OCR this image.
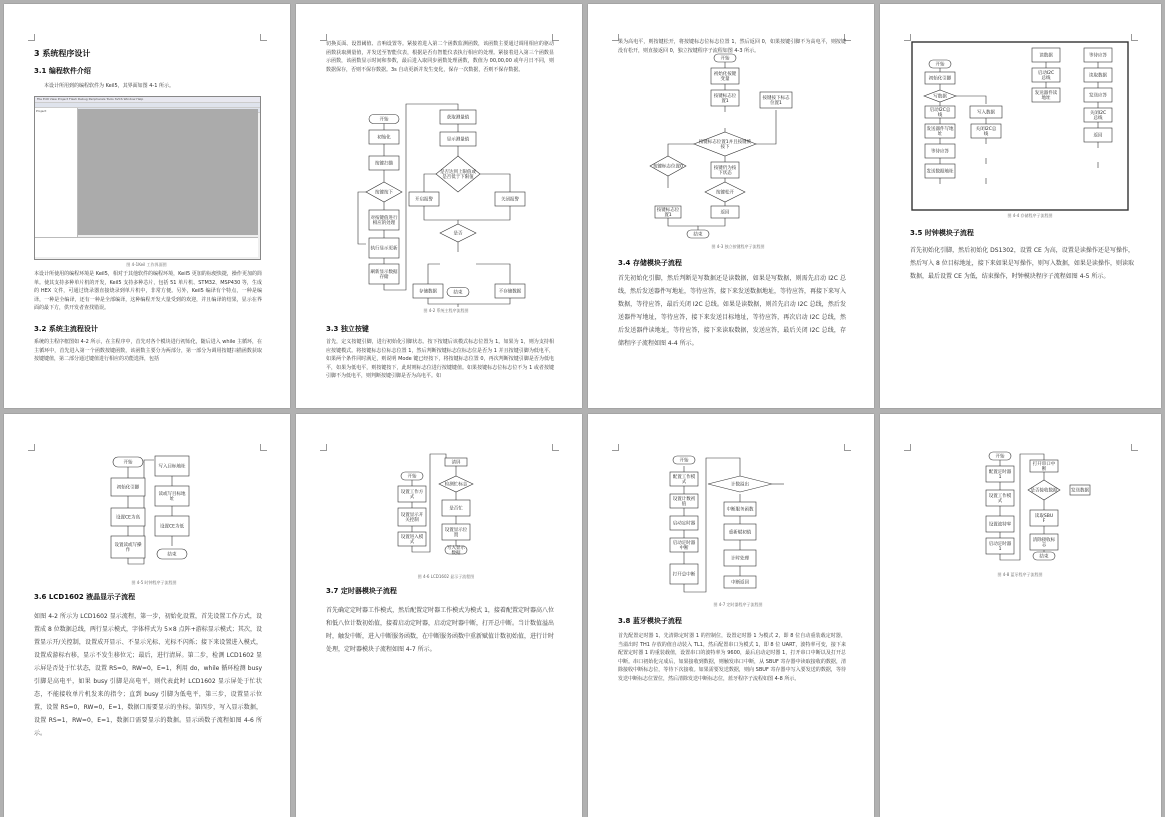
3 系统程序设计
3.1 编程软件介绍
本设计所用到的编程软件为 Keil5，其界面如图 4-1 所示。
File Edit View Project Flash Debug Peripherals Tools SVCS Window Help
Project
图 4-1Keil 工作界面图
本设计所使用的编程环境是 Keil5，相对于其他软件的编程环境，Keil5 更加的标便快捷，操作更加的简单。使其支持多种单片机的开发，Keil5 支持多种芯片，包括 51 单片机、STM32、MSP430 等，生成的 HEX 文件，可通过烧录器直接烧录到单片机中，非常方便。另外，Keil5 编译有个特点，一种是编译，一种是全编译，还有一种是全部编译，这种编程开发大量受到的欢迎，并且编译的结果，显示在界面的最下方，供开发者查找错误。
3.2 系统主流程设计
系统的主程序框图如 4-2 所示，在主程序中，首先对各个模块进行初始化，随后进入 while 主循环，在主循环中，首先进入第一个函数按键函数，该函数主要分为两部分，第一部分为调用按键扫描函数获取按键键值，第二部分通过键值进行相应的功能选择，包括
切换页面、设置阈值、音响设置等。紧接着进入第二个函数监测函数，该函数主要通过调用相应的驱动函数获取测量值，并发送至智能仪表，根据是否有智能仪表执行相应的处理。紧接着进入第三个函数显示函数，该函数显示时间和参数，最后进入取同步函数处理函数，数值为 00,00,00 或年月日不同，则数据保存，否则不保存数据。3s 自动更新并发生变化，保存一次数据，否则不保存数据。
开始
初始化
按键扫描
按键按下
对按键值进行
相应的处理
执行显示更新
刷新显示数据
存储
获取测量值
显示测量值
是否达到上限值或
是否低于下限值
开启报警	关闭报警
是否
存储数据	不存储数据
结束
图 4-2 系统主程序流程图
3.3 独立按键
首先，定义按键引脚，进行初始化引脚状态。按下按键后该模式标志位置为 1。如果为 1，则为支持相应按键模式。将按键标志位标志位置 1，然后判断按键标志位标志位是否为 1 并且按键引脚为低电平，如果两个条件同时满足，则说明 Mode 键已经按下，将按键标志位置 0，再次判断按键引脚是否为低电平，如果为低电平，则按键按下，此时则标志位进行按键键值。如果按键标志位标志位不为 1 或者按键引脚不为低电平，则判断按键引脚是否为高电平。如
果为高电平，则按键松开，将按键标志位标志位置 1，然后返回 0，如果按键引脚不为高电平，则按键没有松开，则直接返回 0，独立按键程序子流程如图 4-3 所示。
开始
初始化按键
变量
按键标志位
置1
按键按下标志
位置1
按键标志位置1并且按键被
按下
按键标志位置0	按键仍为按
下状态
按键松开
按键标志位
置1	返回
结束
图 4-3 独立按键程序子流程图
3.4 存储模块子流程
首先初始化引脚，然后判断是写数据还是读数据，如果是写数据，则需先启动 I2C 总线，然后发送器件写地址，等待应答，接下来发送数据地址，等待应答，再接下来写入数据，等待应答，最后关闭 I2C 总线。如果是读数据，则首先启动 I2C 总线，然后发送器件写地址，等待应答，接下来发送目标地址，等待应答，再次启动 I2C 总线，然后发送器件读地址，等待应答，接下来读取数据，发送应答，最后关闭 I2C 总线，存储程序子流程如图 4-4 所示。
开始
初始化引脚
写数据
启动I2C总
线
发送器件写地
址
等待应答
发送数据地址
写入数据
关闭I2C总
线
读数据
启动I2C
总线
发送器件读
地址
等待应答
读取数据
发送应答
关闭I2C
总线
返回
图 4-4 存储程序子流程图
3.5 时钟模块子流程
首先初始化引脚，然后初始化 DS1302，设置 CE 为高，设置是读操作还是写操作，然后写入 8 位目标地址，接下来如果是写操作，则写入数据，如果是读操作，则读取数据，最后设置 CE 为低，结束操作，时钟模块程序子流程如图 4-5 所示。
开始
初始化引脚
设置CE为高
设置读或写操
作
写入目标地址
读或写目标地
址
设置CE为低
结束
图 4-5 时钟程序子流程图
3.6 LCD1602 液晶显示子流程
如图 4-2 所示为 LCD1602 显示流程，第一步，初始化设置，首先设置工作方式，设置成 8 位数据总线，两行显示模式，字体样式为 5×8 点阵+游标显示模式；其次，设置显示开/关控制，设置成开显示、不显示光标、光标不闪烁；接下来设置进入模式，设置成游标右移，显示不发生移位元；最后，进行清屏。第二步，检测 LCD1602 显示屏是否处于忙状态，设置 RS=0，RW=0，E=1，利用 do，while 循环检测 busy 引脚是高电平，如果 busy 引脚是高电平，则代表此时 LCD1602 显示屏处于忙状态，不能接收单片机发来的指令；直到 busy 引脚为低电平，第三步，设置显示位置，设置 RS=0，RW=0，E=1，数据口需要显示的坐标。第四步，写入显示数据，设置 RS=1，RW=0，E=1，数据口需要显示的数据。显示函数子流程如图 4-6 所示。
开始
设置工作方
式
设置显示开
关控制
设置进入模
式
清屏
检测忙标志
是否忙
设置显示位
置
写入显示
数据
图 4-6 LCD1602 显示子流程图
3.7 定时器模块子流程
首先确定定时器工作模式，然后配置定时器工作模式为模式 1，接着配置定时器高八位和低八位计数初始值，接着启动定时器，启动定时器中断，打开总中断。当计数值溢出时，触发中断，进入中断服务函数，在中断服务函数中重新赋值计数初始值，进行计时处理，定时器模块子流程如图 4-7 所示。
开始
配置工作模
式
设置计数初
值
启动定时器
启动定时器
中断
打开总中断
计数溢出
中断服务函数
重新赋初值
计时处理
中断返回
图 4-7 定时器程序子流程图
3.8 蓝牙模块子流程
首先配置定时器 1，先清除定时器 1 的控制位，设置定时器 1 为模式 2，即 8 位自动重装载定时器，当溢出时 TH1 存放的值自动装入 TL1，然后配置串口为模式 1，即 8 位 UART，波特率可变，接下来配置定时器 1 的重装载值，设置串口的波特率为 9600，最后启动定时器 1，打开串口中断以及打开总中断。串口初始化完成后，如果接收到数据，则触发串口中断，从 SBUF 寄存器中读取接收的数据，清除接收中断标志位，等待下次接收。如果需要发送数据，则向 SBUF 寄存器中写入要发送的数据，等待发送中断标志位置位，然后清除发送中断标志位，蓝牙程序子流程如图 4-8 所示。
开始
配置定时器
1
设置工作模
式
设置波特率
启动定时器
1
打开串口中
断
是否接收数据
读取SBU
F
清除接收标
志
发送数据
结束
图 4-8 蓝牙程序子流程图
